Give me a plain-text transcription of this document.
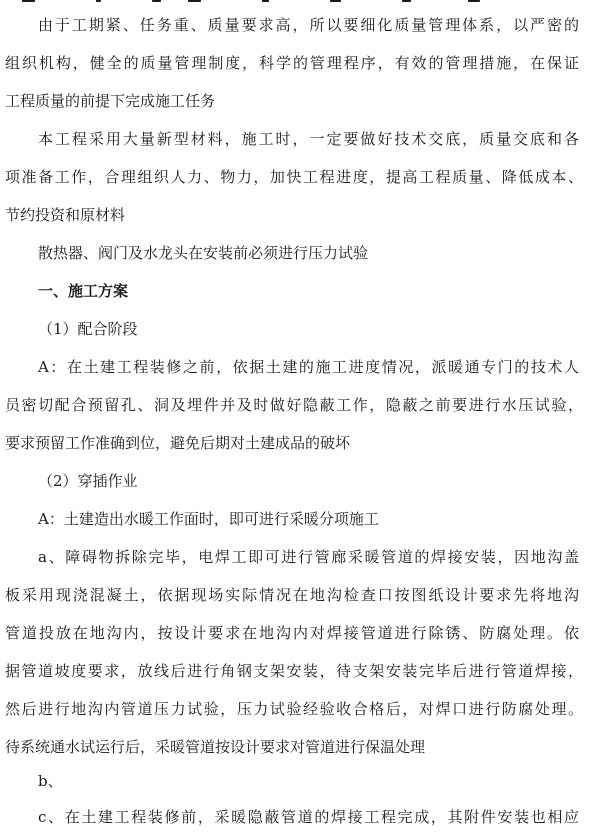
由于工期紧、任务重、质量要求高，所以要细化质量管理体系，以严密的
组织机构，健全的质量管理制度，科学的管理程序，有效的管理措施，在保证
工程质量的前提下完成施工任务
本工程采用大量新型材料，施工时，一定要做好技术交底，质量交底和各
项准备工作，合理组织人力、物力，加快工程进度，提高工程质量、降低成本、
节约投资和原材料
散热器、阀门及水龙头在安装前必须进行压力试验
一、施工方案
（1）配合阶段
A：在土建工程装修之前，依据土建的施工进度情况，派暖通专门的技术人
员密切配合预留孔、洞及埋件并及时做好隐蔽工作，隐蔽之前要进行水压试验，
要求预留工作准确到位，避免后期对土建成品的破坏
（2）穿插作业
A：土建造出水暖工作面时，即可进行采暖分项施工
a、障碍物拆除完毕，电焊工即可进行管廊采暖管道的焊接安装，因地沟盖
板采用现浇混凝土，依据现场实际情况在地沟检查口按图纸设计要求先将地沟
管道投放在地沟内，按设计要求在地沟内对焊接管道进行除锈、防腐处理。依
据管道坡度要求，放线后进行角钢支架安装，待支架安装完毕后进行管道焊接，
然后进行地沟内管道压力试验，压力试验经验收合格后，对焊口进行防腐处理。
待系统通水试运行后，采暖管道按设计要求对管道进行保温处理
b、
c、在土建工程装修前，采暖隐蔽管道的焊接工程完成，其附件安装也相应
